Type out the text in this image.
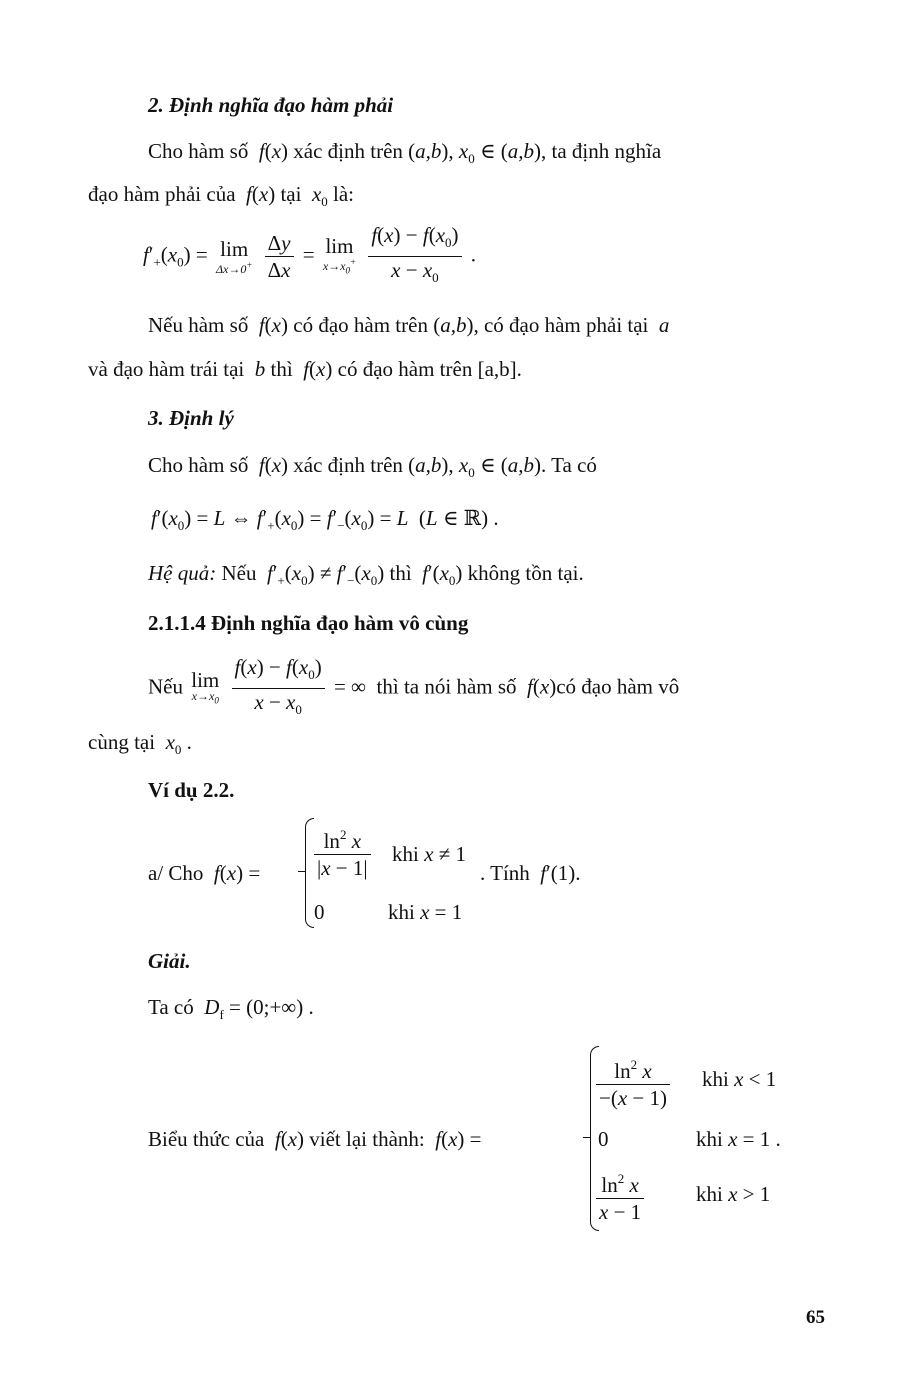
2. Định nghĩa đạo hàm phải
Cho hàm số  f(x) xác định trên (a,b), $x_0$ ∈ (a,b), ta định nghĩa
đạo hàm phải của  f(x) tại  $x_0$ là:
$f'_+(x_0) = \lim$
Δx→0+
$\frac{\Delta y}{\Delta x} = \lim$
$x\to x_0^+$
$\frac{f(x) - f(x_0)}{x - x_0}$ .
Nếu hàm số  f(x) có đạo hàm trên (a,b), có đạo hàm phải tại  a
và đạo hàm trái tại  b thì  f(x) có đạo hàm trên [a,b].
3. Định lý
Cho hàm số  f(x) xác định trên (a,b), $x_0$ ∈ (a,b). Ta có
$f'(x_0) = L$ ⇔ $f'_+(x_0) = f'_-(x_0) = L$  (L ∈ ℝ) .
Hệ quả: Nếu $f'_+(x_0) \ne f'_-(x_0)$ thì  $f'(x_0)$ không tồn tại.
2.1.1.4 Định nghĩa đạo hàm vô cùng
Nếu lim
$x\to x_0$
$\frac{f(x) - f(x_0)}{x - x_0}$ = ∞  thì ta nói hàm số  f(x)có đạo hàm vô
cùng tại  $x_0$ .
Ví dụ 2.2.
a/ Cho  f(x) =	$\frac{\ln^2 x}{|x - 1|}$ khi x ≠ 1
. Tính  f′(1).
0	khi x = 1
Giải.
Ta có  $D_f$ = (0;+∞) .
Biểu thức của  f(x) viết lại thành:  f(x) =
$\frac{\ln^2 x}{-(x - 1)}$ khi x < 1
0	khi x = 1 .
$\frac{\ln^2 x}{x - 1}$ khi x > 1
65
